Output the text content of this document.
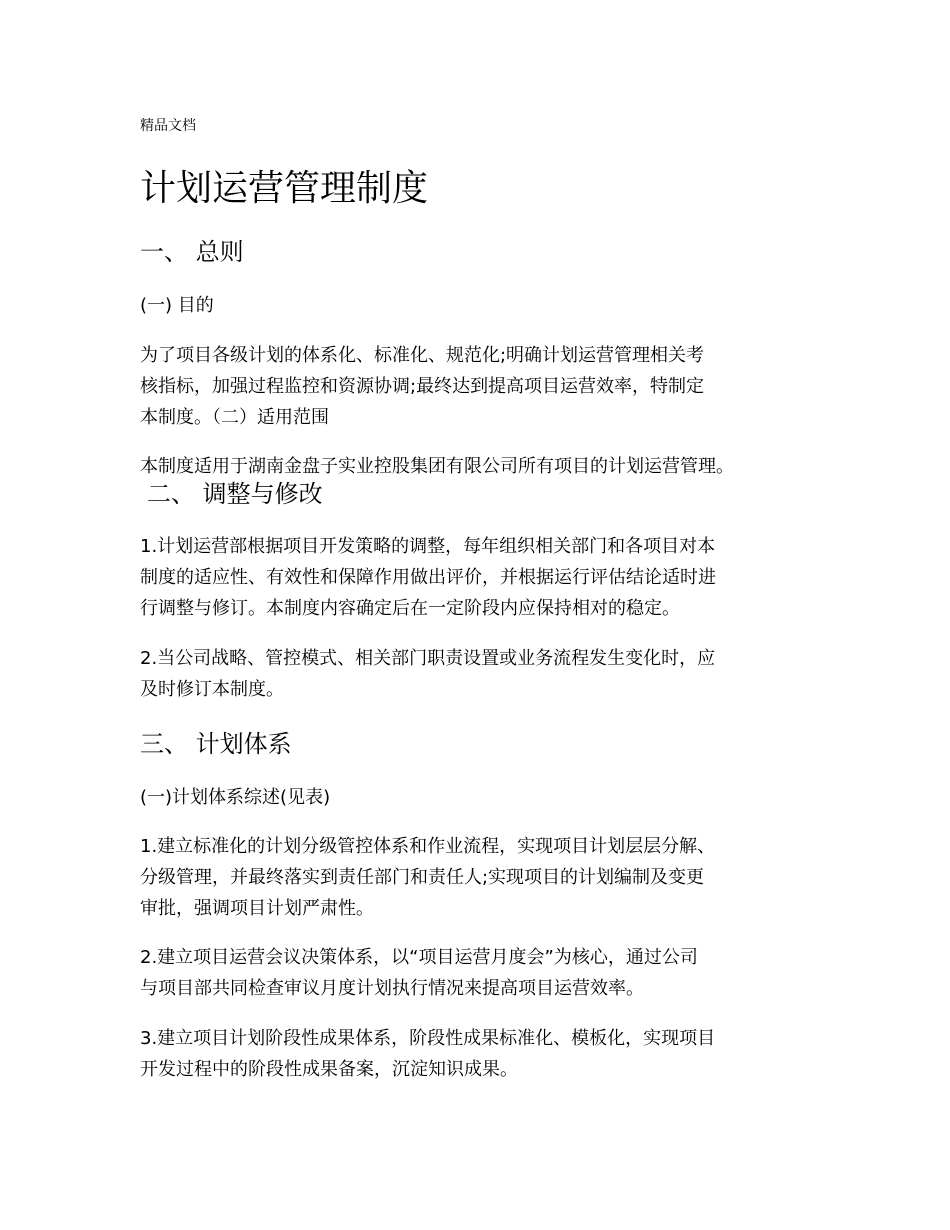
精品文档
计划运营管理制度
一、 总则
(一) 目的
为了项目各级计划的体系化、标准化、规范化;明确计划运营管理相关考
核指标，加强过程监控和资源协调;最终达到提高项目运营效率，特制定
本制度。（二）适用范围
本制度适用于湖南金盘子实业控股集团有限公司所有项目的计划运营管理。
二、 调整与修改
1.计划运营部根据项目开发策略的调整，每年组织相关部门和各项目对本
制度的适应性、有效性和保障作用做出评价，并根据运行评估结论适时进
行调整与修订。本制度内容确定后在一定阶段内应保持相对的稳定。
2.当公司战略、管控模式、相关部门职责设置或业务流程发生变化时，应
及时修订本制度。
三、 计划体系
(一)计划体系综述(见表)
1.建立标准化的计划分级管控体系和作业流程，实现项目计划层层分解、
分级管理，并最终落实到责任部门和责任人;实现项目的计划编制及变更
审批，强调项目计划严肃性。
2.建立项目运营会议决策体系，以“项目运营月度会”为核心，通过公司
与项目部共同检查审议月度计划执行情况来提高项目运营效率。
3.建立项目计划阶段性成果体系，阶段性成果标准化、模板化，实现项目
开发过程中的阶段性成果备案，沉淀知识成果。
